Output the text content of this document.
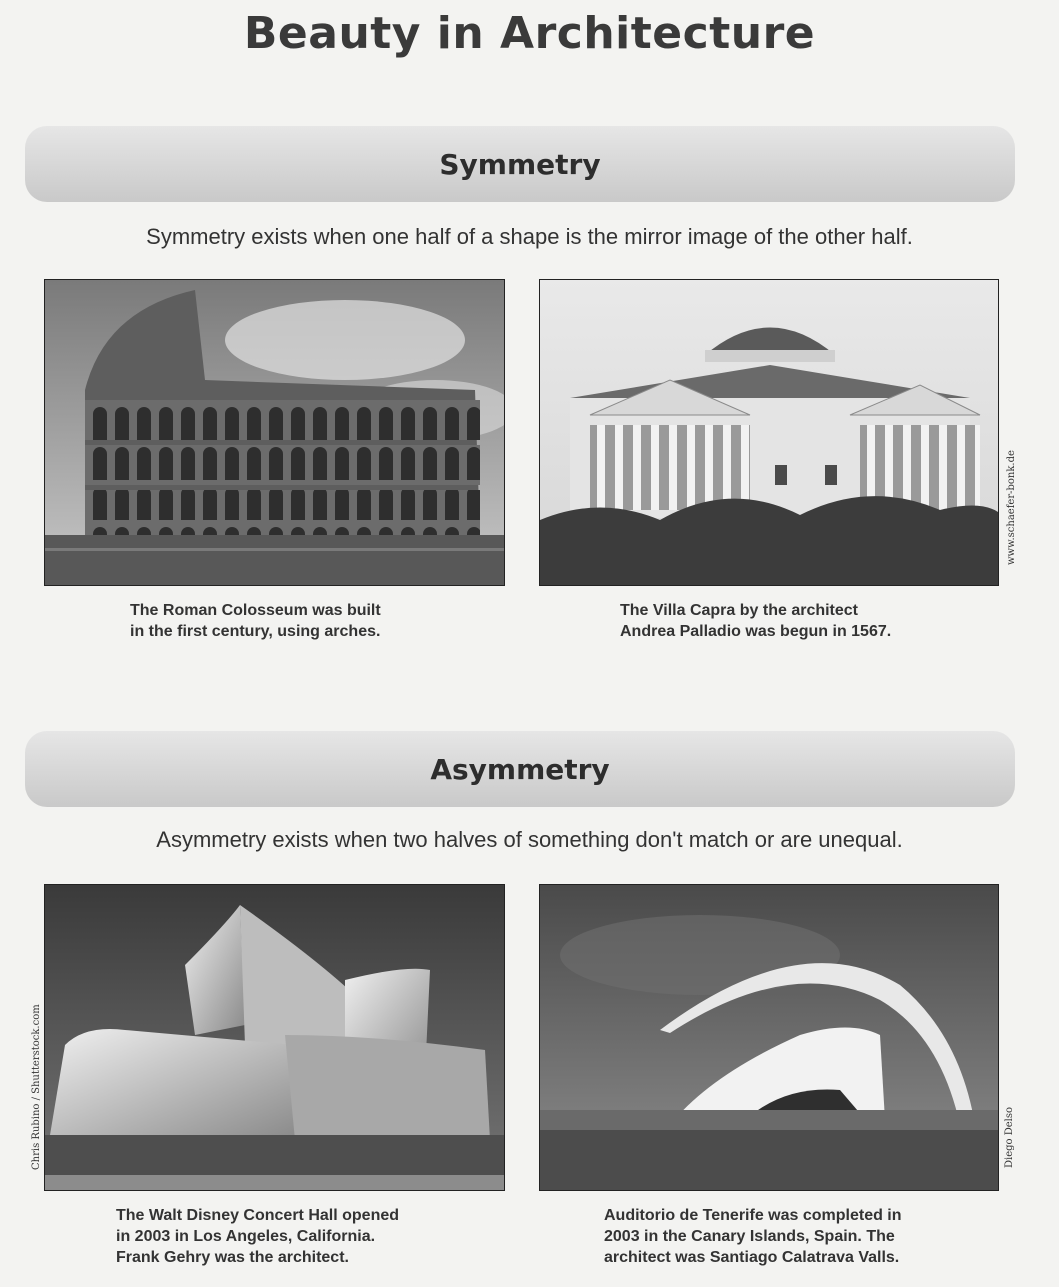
Beauty in Architecture
Symmetry
Symmetry exists when one half of a shape is the mirror image of the other half.
The Roman Colosseum was built
in the first century, using arches.
The Villa Capra by the architect
Andrea Palladio was begun in 1567.
www.schaefer-bonk.de
Asymmetry
Asymmetry exists when two halves of something don't match or are unequal.
Chris Rubino / Shutterstock.com	Diego Delso
The Walt Disney Concert Hall opened
in 2003 in Los Angeles, California.
Frank Gehry was the architect.
Auditorio de Tenerife was completed in
2003 in the Canary Islands, Spain. The
architect was Santiago Calatrava Valls.
